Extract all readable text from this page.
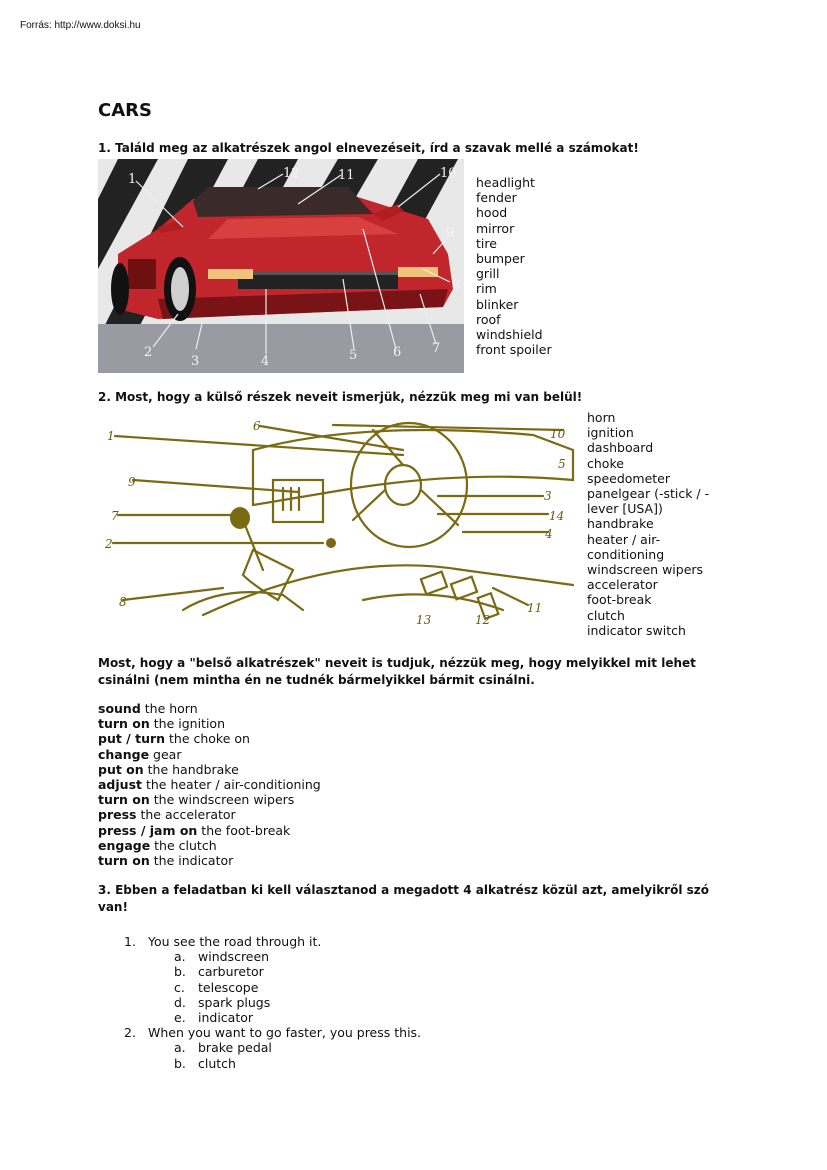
Forrás: http://www.doksi.hu
CARS

1. Találd meg az alkatrészek angol elnevezéseit, írd a szavak mellé a számokat!

1
2
3	4	5	6 7
8
9
10
11
12
headlight
fender
hood
mirror
tire
bumper
grill
rim
blinker
roof
windshield
front spoiler

2. Most, hogy a külső részek neveit ismerjük, nézzük meg mi van belül!

1
2
3
4
5
6
7
8
9
10
11
12
13
14
horn
ignition
dashboard
choke
speedometer
panelgear (-stick / -lever [USA])
handbrake
heater / air-conditioning
windscreen wipers
accelerator
foot-break
clutch
indicator switch

Most, hogy a "belső alkatrészek" neveit is tudjuk, nézzük meg, hogy melyikkel mit lehet csinálni (nem mintha én ne tudnék bármelyikkel bármit csinálni.

sound the horn
turn on the ignition
put / turn the choke on
change gear
put on the handbrake
adjust the heater / air-conditioning
turn on the windscreen wipers
press the accelerator
press / jam on the foot-break
engage the clutch
turn on the indicator

3. Ebben a feladatban ki kell választanod a megadott 4 alkatrész közül azt, amelyikről szó van!

1. You see the road through it.
a. windscreen
b. carburetor
c. telescope
d. spark plugs
e. indicator
2. When you want to go faster, you press this.
a. brake pedal
b. clutch
